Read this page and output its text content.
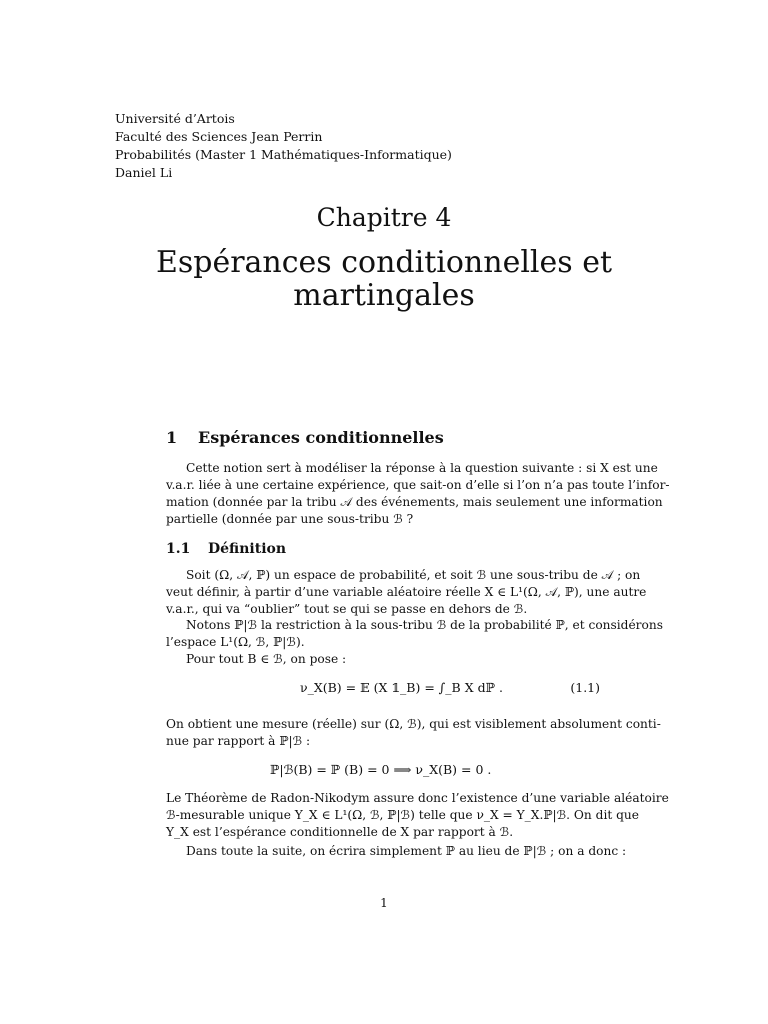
Université d’Artois
Faculté des Sciences Jean Perrin
Probabilités (Master 1 Mathématiques-Informatique)
Daniel Li
Chapitre 4
Espérances conditionnelles et
martingales
1 Espérances conditionnelles
Cette notion sert à modéliser la réponse à la question suivante : si X est une
v.a.r. liée à une certaine expérience, que sait-on d’elle si l’on n’a pas toute l’infor-
mation (donnée par la tribu 𝒜 des événements, mais seulement une information
partielle (donnée par une sous-tribu ℬ ?
1.1 Définition
Soit (Ω, 𝒜, ℙ) un espace de probabilité, et soit ℬ une sous-tribu de 𝒜 ; on
veut définir, à partir d’une variable aléatoire réelle X ∈ L¹(Ω, 𝒜, ℙ), une autre
v.a.r., qui va “oublier” tout se qui se passe en dehors de ℬ.
Notons ℙ|ℬ la restriction à la sous-tribu ℬ de la probabilité ℙ, et considérons
l’espace L¹(Ω, ℬ, ℙ|ℬ).
Pour tout B ∈ ℬ, on pose :
ν_X(B) = 𝔼 (X 𝟙_B) = ∫_B X dℙ .	(1.1)
On obtient une mesure (réelle) sur (Ω, ℬ), qui est visiblement absolument conti-
nue par rapport à ℙ|ℬ :
ℙ|ℬ(B) = ℙ (B) = 0 ⟹ ν_X(B) = 0 .
Le Théorème de Radon-Nikodym assure donc l’existence d’une variable aléatoire
ℬ-mesurable unique Y_X ∈ L¹(Ω, ℬ, ℙ|ℬ) telle que ν_X = Y_X.ℙ|ℬ. On dit que
Y_X est l’espérance conditionnelle de X par rapport à ℬ.
Dans toute la suite, on écrira simplement ℙ au lieu de ℙ|ℬ ; on a donc :
1
